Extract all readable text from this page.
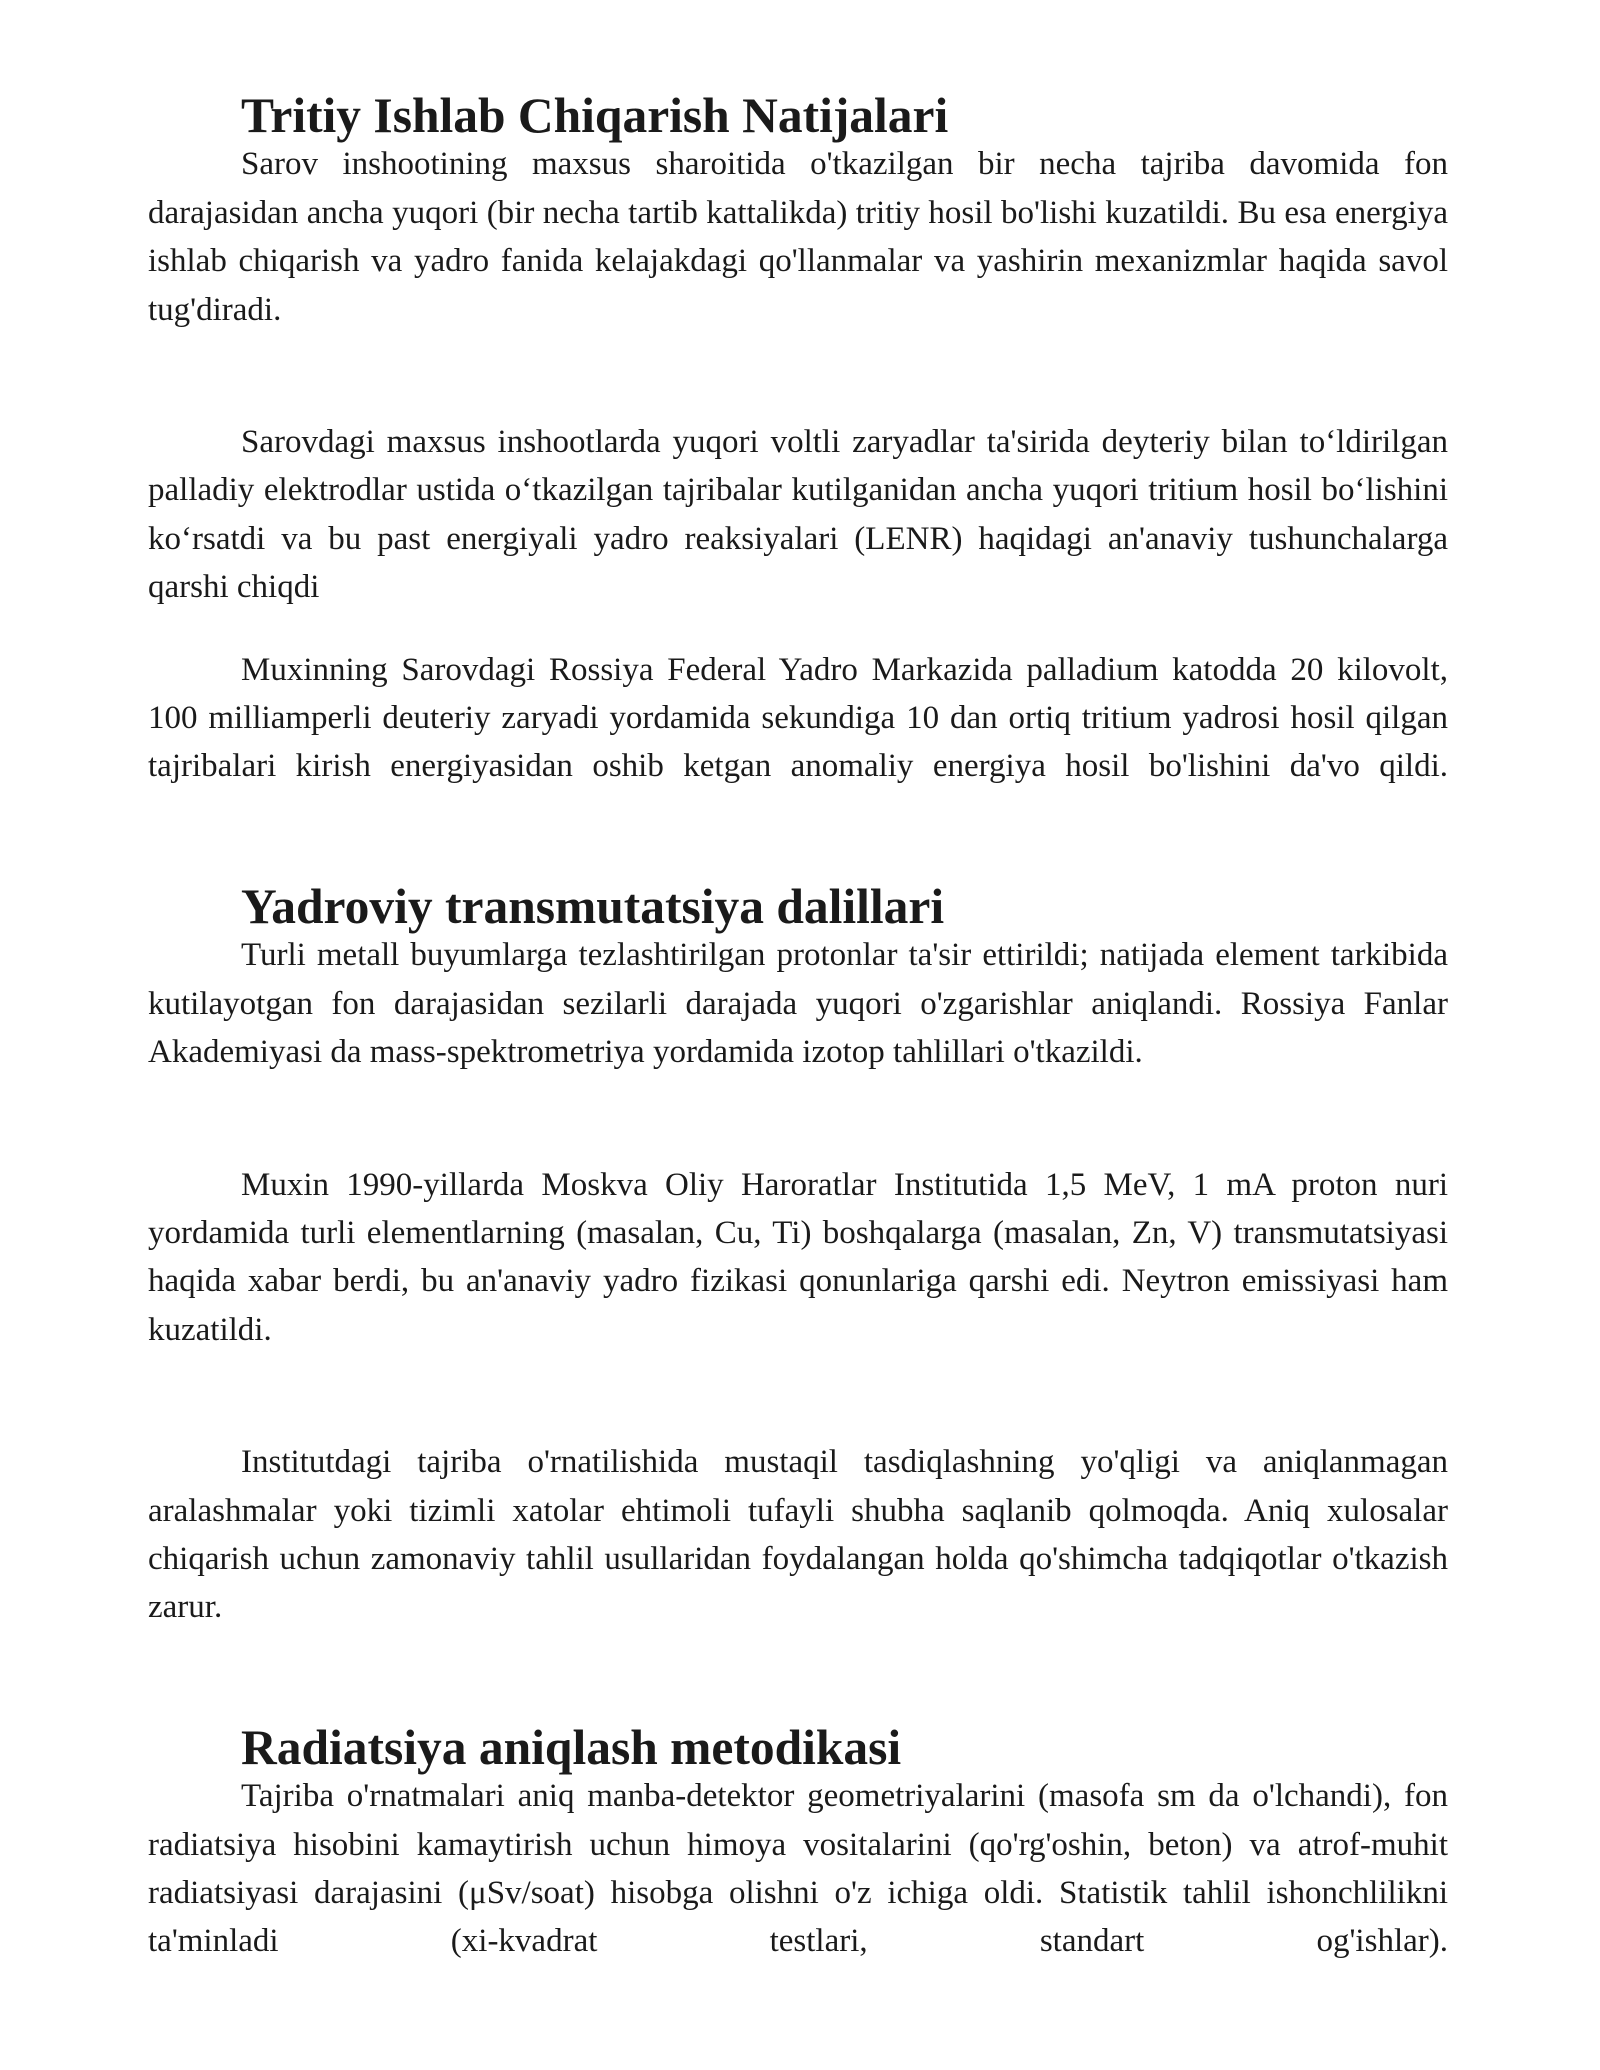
Tritiy Ishlab Chiqarish Natijalari

Sarov inshootining maxsus sharoitida o'tkazilgan bir necha tajriba davomida fon darajasidan ancha yuqori (bir necha tartib kattalikda) tritiy hosil bo'lishi kuzatildi. Bu esa energiya ishlab chiqarish va yadro fanida kelajakdagi qo'llanmalar va yashirin mexanizmlar haqida savol tug'diradi.

Sarovdagi maxsus inshootlarda yuqori voltli zaryadlar ta'sirida deyteriy bilan to‘ldirilgan palladiy elektrodlar ustida o‘tkazilgan tajribalar kutilganidan ancha yuqori tritium hosil bo‘lishini ko‘rsatdi va bu past energiyali yadro reaksiyalari (LENR) haqidagi an'anaviy tushunchalarga qarshi chiqdi

Muxinning Sarovdagi Rossiya Federal Yadro Markazida palladium katodda 20 kilovolt, 100 milliamperli deuteriy zaryadi yordamida sekundiga 10 dan ortiq tritium yadrosi hosil qilgan tajribalari kirish energiyasidan oshib ketgan anomaliy energiya hosil bo'lishini da'vo qildi.

Yadroviy transmutatsiya dalillari

Turli metall buyumlarga tezlashtirilgan protonlar ta'sir ettirildi; natijada element tarkibida kutilayotgan fon darajasidan sezilarli darajada yuqori o'zgarishlar aniqlandi. Rossiya Fanlar Akademiyasi da mass-spektrometriya yordamida izotop tahlillari o'tkazildi.

Muxin 1990-yillarda Moskva Oliy Haroratlar Institutida 1,5 MeV, 1 mA proton nuri yordamida turli elementlarning (masalan, Cu, Ti) boshqalarga (masalan, Zn, V) transmutatsiyasi haqida xabar berdi, bu an'anaviy yadro fizikasi qonunlariga qarshi edi. Neytron emissiyasi ham kuzatildi.

Institutdagi tajriba o'rnatilishida mustaqil tasdiqlashning yo'qligi va aniqlanmagan aralashmalar yoki tizimli xatolar ehtimoli tufayli shubha saqlanib qolmoqda. Aniq xulosalar chiqarish uchun zamonaviy tahlil usullaridan foydalangan holda qo'shimcha tadqiqotlar o'tkazish zarur.

Radiatsiya aniqlash metodikasi

Tajriba o'rnatmalari aniq manba-detektor geometriyalarini (masofa sm da o'lchandi), fon radiatsiya hisobini kamaytirish uchun himoya vositalarini (qo'rg'oshin, beton) va atrof-muhit radiatsiyasi darajasini (μSv/soat) hisobga olishni o'z ichiga oldi. Statistik tahlil ishonchlilikni ta'minladi (xi-kvadrat testlari, standart og'ishlar).
